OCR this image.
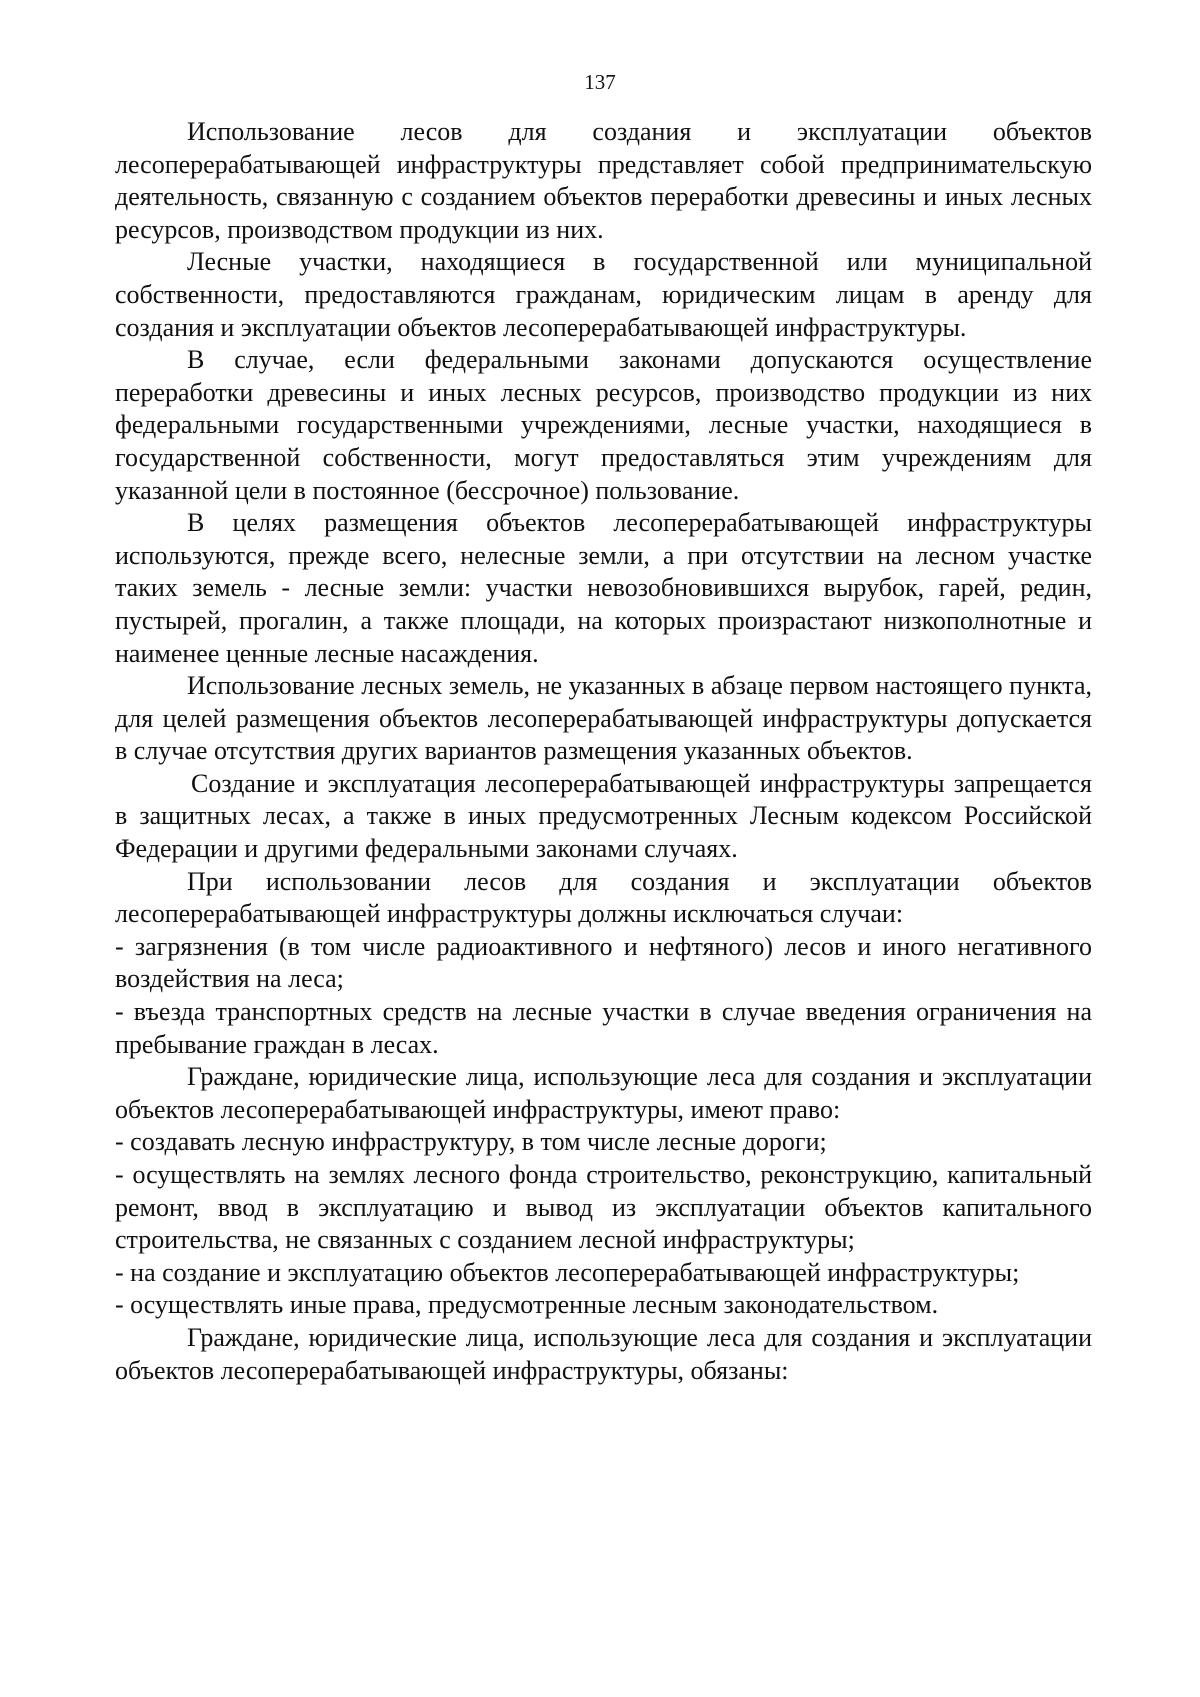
137

Использование лесов для создания и эксплуатации объектов лесоперерабатывающей инфраструктуры представляет собой предпринимательскую деятельность, связанную с созданием объектов переработки древесины и иных лесных ресурсов, производством продукции из них.

Лесные участки, находящиеся в государственной или муниципальной собственности, предоставляются гражданам, юридическим лицам в аренду для создания и эксплуатации объектов лесоперерабатывающей инфраструктуры.

В случае, если федеральными законами допускаются осуществление переработки древесины и иных лесных ресурсов, производство продукции из них федеральными государственными учреждениями, лесные участки, находящиеся в государственной собственности, могут предоставляться этим учреждениям для указанной цели в постоянное (бессрочное) пользование.

В целях размещения объектов лесоперерабатывающей инфраструктуры используются, прежде всего, нелесные земли, а при отсутствии на лесном участке таких земель - лесные земли: участки невозобновившихся вырубок, гарей, редин, пустырей, прогалин, а также площади, на которых произрастают низкополнотные и наименее ценные лесные насаждения.

Использование лесных земель, не указанных в абзаце первом настоящего пункта, для целей размещения объектов лесоперерабатывающей инфраструктуры допускается в случае отсутствия других вариантов размещения указанных объектов.

Создание и эксплуатация лесоперерабатывающей инфраструктуры запрещается в защитных лесах, а также в иных предусмотренных Лесным кодексом Российской Федерации и другими федеральными законами случаях.

При использовании лесов для создания и эксплуатации объектов лесоперерабатывающей инфраструктуры должны исключаться случаи:

- загрязнения (в том числе радиоактивного и нефтяного) лесов и иного негативного воздействия на леса;

- въезда транспортных средств на лесные участки в случае введения ограничения на пребывание граждан в лесах.

Граждане, юридические лица, использующие леса для создания и эксплуатации объектов лесоперерабатывающей инфраструктуры, имеют право:

- создавать лесную инфраструктуру, в том числе лесные дороги;

- осуществлять на землях лесного фонда строительство, реконструкцию, капитальный ремонт, ввод в эксплуатацию и вывод из эксплуатации объектов капитального строительства, не связанных с созданием лесной инфраструктуры;

- на создание и эксплуатацию объектов лесоперерабатывающей инфраструктуры;

- осуществлять иные права, предусмотренные лесным законодательством.

Граждане, юридические лица, использующие леса для создания и эксплуатации объектов лесоперерабатывающей инфраструктуры, обязаны:
